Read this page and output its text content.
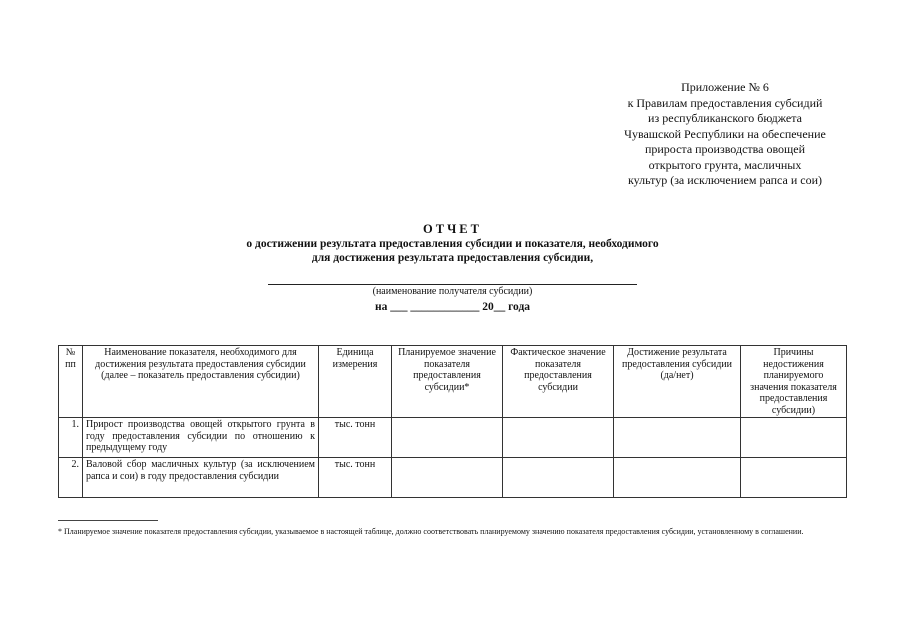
Приложение № 6
к Правилам предоставления субсидий
из республиканского бюджета
Чувашской Республики на обеспечение
прироста производства овощей
открытого грунта, масличных
культур (за исключением рапса и сои)
ОТЧЕТ
о достижении результата предоставления субсидии и показателя, необходимого
для достижения результата предоставления субсидии,
(наименование получателя субсидии)
на ___ ____________ 20__ года
№ пп	Наименование показателя, необходимого для достижения результата предоставления субсидии (далее – показатель предоставления субсидии)	Единица измерения	Планируемое значение показателя предоставления субсидии*	Фактическое значение показателя предоставления субсидии	Достижение результата предоставления субсидии (да/нет)	Причины недостижения планируемого значения показателя предоставления субсидии)
1.	Прирост производства овощей открытого грунта в году предоставления субсидии по отношению к предыдущему году	тыс. тонн				
2.	Валовой сбор масличных культур (за исключением рапса и сои) в году предоставления субсидии	тыс. тонн				
* Планируемое значение показателя предоставления субсидии, указываемое в настоящей таблице, должно соответствовать планируемому значению показателя предоставления субсидии, установленному в соглашении.
